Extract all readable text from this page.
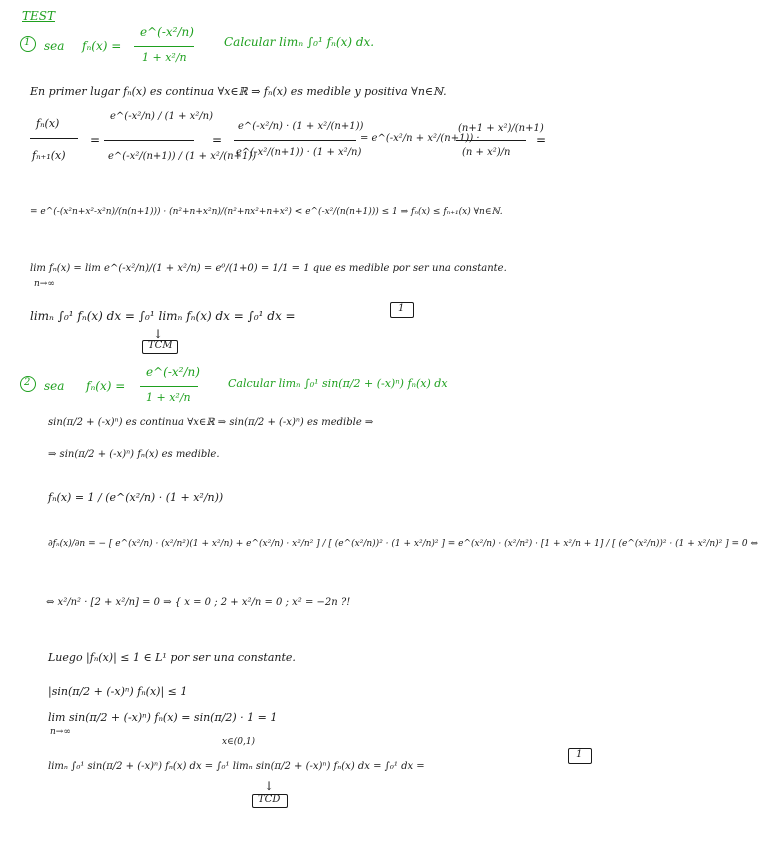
TEST
1 sea fₙ(x) =
e^(-x²/n)
1 + x²/n
Calcular limₙ ∫₀¹ fₙ(x) dx.
En primer lugar fₙ(x) es continua ∀x∈ℝ ⇒ fₙ(x) es medible y positiva ∀n∈ℕ.
fₙ(x)
fₙ₊₁(x)
=
e^(-x²/n) / (1 + x²/n)
e^(-x²/(n+1)) / (1 + x²/(n+1))
=
e^(-x²/n) · (1 + x²/(n+1))
e^(-x²/(n+1)) · (1 + x²/n)
= e^(-x²/n + x²/(n+1)) ·
(n+1 + x²)/(n+1)
(n + x²)/n
=
= e^(-(x²n+x²-x²n)/(n(n+1))) · (n²+n+x²n)/(n²+nx²+n+x²) < e^(-x²/(n(n+1))) ≤ 1 ⇒ fₙ(x) ≤ fₙ₊₁(x) ∀n∈ℕ.
lim fₙ(x) = lim e^(-x²/n)/(1 + x²/n) = e⁰/(1+0) = 1/1 = 1 que es medible por ser una constante.
n→∞
limₙ ∫₀¹ fₙ(x) dx = ∫₀¹ limₙ fₙ(x) dx = ∫₀¹ dx =
1
↓
TCM
2 sea fₙ(x) =
e^(-x²/n)
1 + x²/n
Calcular limₙ ∫₀¹ sin(π/2 + (-x)ⁿ) fₙ(x) dx
sin(π/2 + (-x)ⁿ) es continua ∀x∈ℝ ⇒ sin(π/2 + (-x)ⁿ) es medible ⇒
⇒ sin(π/2 + (-x)ⁿ) fₙ(x) es medible.
fₙ(x) = 1 / (e^(x²/n) · (1 + x²/n))
∂fₙ(x)/∂n = − [ e^(x²/n) · (x²/n²)(1 + x²/n) + e^(x²/n) · x²/n² ] / [ (e^(x²/n))² · (1 + x²/n)² ] = e^(x²/n) · (x²/n²) · [1 + x²/n + 1] / [ (e^(x²/n))² · (1 + x²/n)² ] = 0 ⇔
⇔ x²/n² · [2 + x²/n] = 0 ⇒ { x = 0 ; 2 + x²/n = 0 ; x² = −2n ?!
Luego |fₙ(x)| ≤ 1 ∈ L¹ por ser una constante.
|sin(π/2 + (-x)ⁿ) fₙ(x)| ≤ 1
lim sin(π/2 + (-x)ⁿ) fₙ(x) = sin(π/2) · 1 = 1
n→∞
x∈(0,1)
limₙ ∫₀¹ sin(π/2 + (-x)ⁿ) fₙ(x) dx = ∫₀¹ limₙ sin(π/2 + (-x)ⁿ) fₙ(x) dx = ∫₀¹ dx =
1
↓
TCD
